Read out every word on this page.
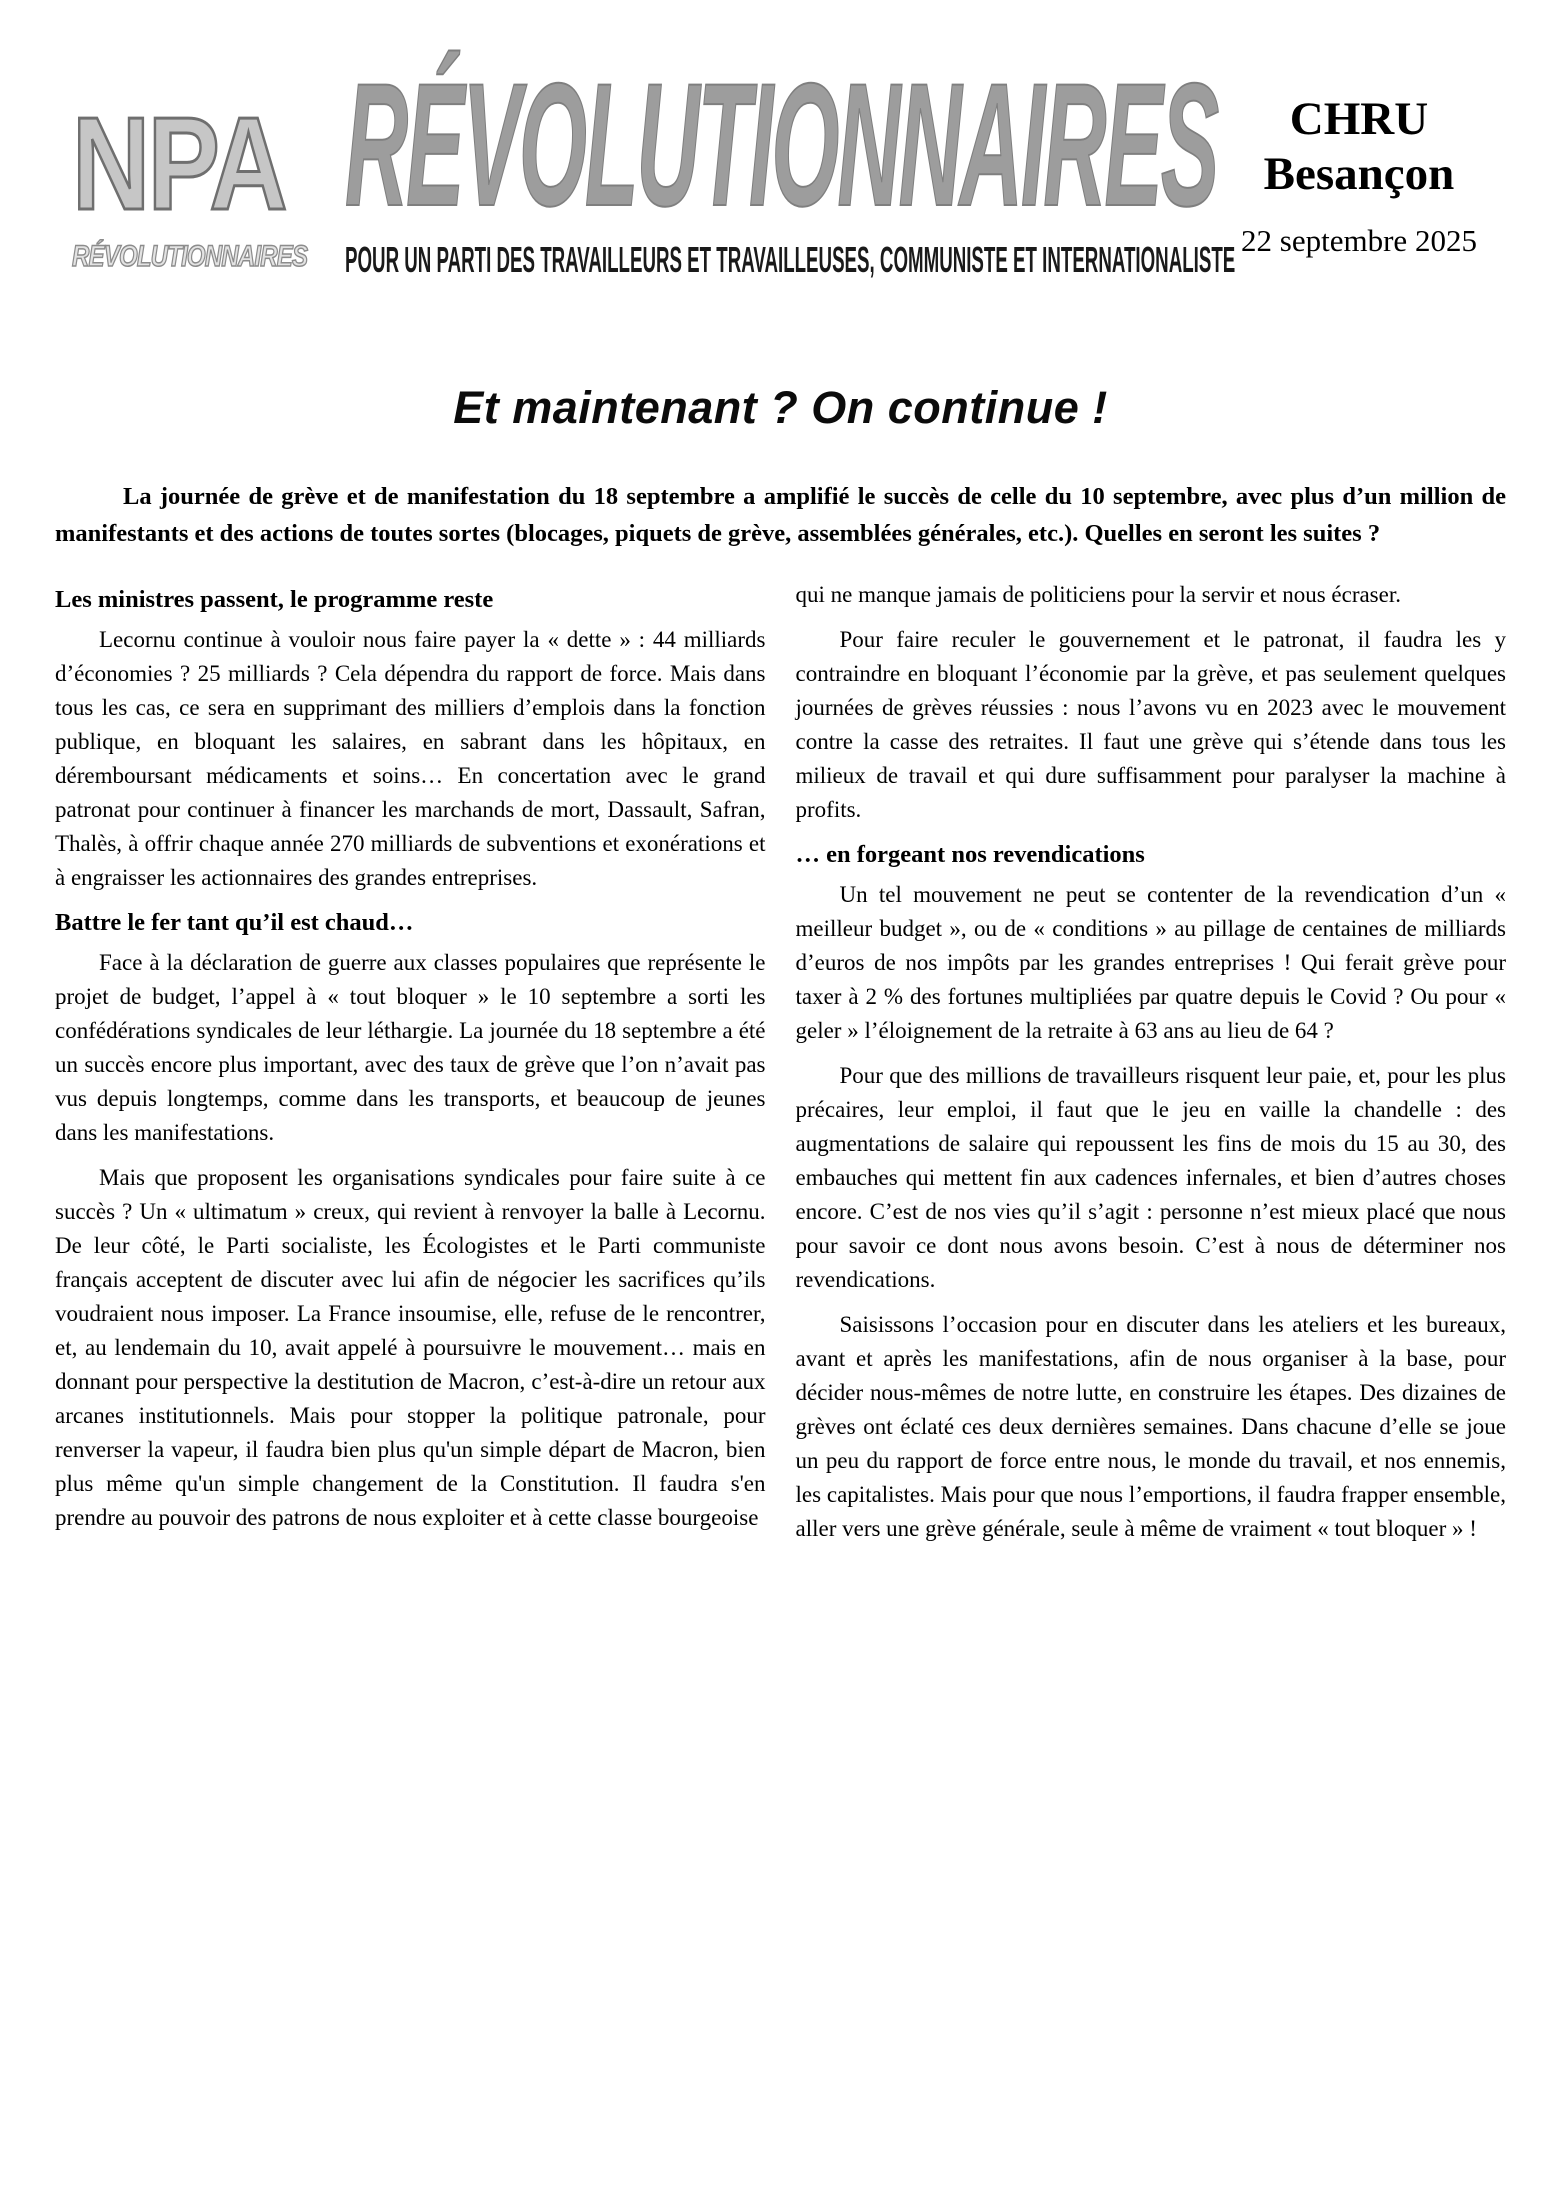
NPA
RÉVOLUTIONNAIRES
RÉVOLUTIONNAIRES
POUR UN PARTI DES TRAVAILLEURS ET TRAVAILLEUSES, COMMUNISTE ET INTERNATIONALISTE
CHRU
Besançon
22 septembre 2025
Et maintenant ? On continue !

La journée de grève et de manifestation du 18 septembre a amplifié le succès de celle du 10 septembre, avec plus d’un million de manifestants et des actions de toutes sortes (blocages, piquets de grève, assemblées générales, etc.). Quelles en seront les suites ?

Les ministres passent, le programme reste

Lecornu continue à vouloir nous faire payer la « dette » : 44 milliards d’économies ? 25 milliards ? Cela dépendra du rapport de force. Mais dans tous les cas, ce sera en supprimant des milliers d’emplois dans la fonction publique, en bloquant les salaires, en sabrant dans les hôpitaux, en déremboursant médicaments et soins… En concertation avec le grand patronat pour continuer à financer les marchands de mort, Dassault, Safran, Thalès, à offrir chaque année 270 milliards de subventions et exonérations et à engraisser les actionnaires des grandes entreprises.

Battre le fer tant qu’il est chaud…

Face à la déclaration de guerre aux classes populaires que représente le projet de budget, l’appel à « tout bloquer » le 10 septembre a sorti les confédérations syndicales de leur léthargie. La journée du 18 septembre a été un succès encore plus important, avec des taux de grève que l’on n’avait pas vus depuis longtemps, comme dans les transports, et beaucoup de jeunes dans les manifestations.

Mais que proposent les organisations syndicales pour faire suite à ce succès ? Un « ultimatum » creux, qui revient à renvoyer la balle à Lecornu. De leur côté, le Parti socialiste, les Écologistes et le Parti communiste français acceptent de discuter avec lui afin de négocier les sacrifices qu’ils voudraient nous imposer. La France insoumise, elle, refuse de le rencontrer, et, au lendemain du 10, avait appelé à poursuivre le mouvement… mais en donnant pour perspective la destitution de Macron, c’est-à-dire un retour aux arcanes institutionnels. Mais pour stopper la politique patronale, pour renverser la vapeur, il faudra bien plus qu'un simple départ de Macron, bien plus même qu'un simple changement de la Constitution. Il faudra s'en prendre au pouvoir des patrons de nous exploiter et à cette classe bourgeoise

qui ne manque jamais de politiciens pour la servir et nous écraser.

Pour faire reculer le gouvernement et le patronat, il faudra les y contraindre en bloquant l’économie par la grève, et pas seulement quelques journées de grèves réussies : nous l’avons vu en 2023 avec le mouvement contre la casse des retraites. Il faut une grève qui s’étende dans tous les milieux de travail et qui dure suffisamment pour paralyser la machine à profits.

… en forgeant nos revendications

Un tel mouvement ne peut se contenter de la revendication d’un « meilleur budget », ou de « conditions » au pillage de centaines de milliards d’euros de nos impôts par les grandes entreprises ! Qui ferait grève pour taxer à 2 % des fortunes multipliées par quatre depuis le Covid ? Ou pour « geler » l’éloignement de la retraite à 63 ans au lieu de 64 ?

Pour que des millions de travailleurs risquent leur paie, et, pour les plus précaires, leur emploi, il faut que le jeu en vaille la chandelle : des augmentations de salaire qui repoussent les fins de mois du 15 au 30, des embauches qui mettent fin aux cadences infernales, et bien d’autres choses encore. C’est de nos vies qu’il s’agit : personne n’est mieux placé que nous pour savoir ce dont nous avons besoin. C’est à nous de déterminer nos revendications.

Saisissons l’occasion pour en discuter dans les ateliers et les bureaux, avant et après les manifestations, afin de nous organiser à la base, pour décider nous-mêmes de notre lutte, en construire les étapes. Des dizaines de grèves ont éclaté ces deux dernières semaines. Dans chacune d’elle se joue un peu du rapport de force entre nous, le monde du travail, et nos ennemis, les capitalistes. Mais pour que nous l’emportions, il faudra frapper ensemble, aller vers une grève générale, seule à même de vraiment « tout bloquer » !
